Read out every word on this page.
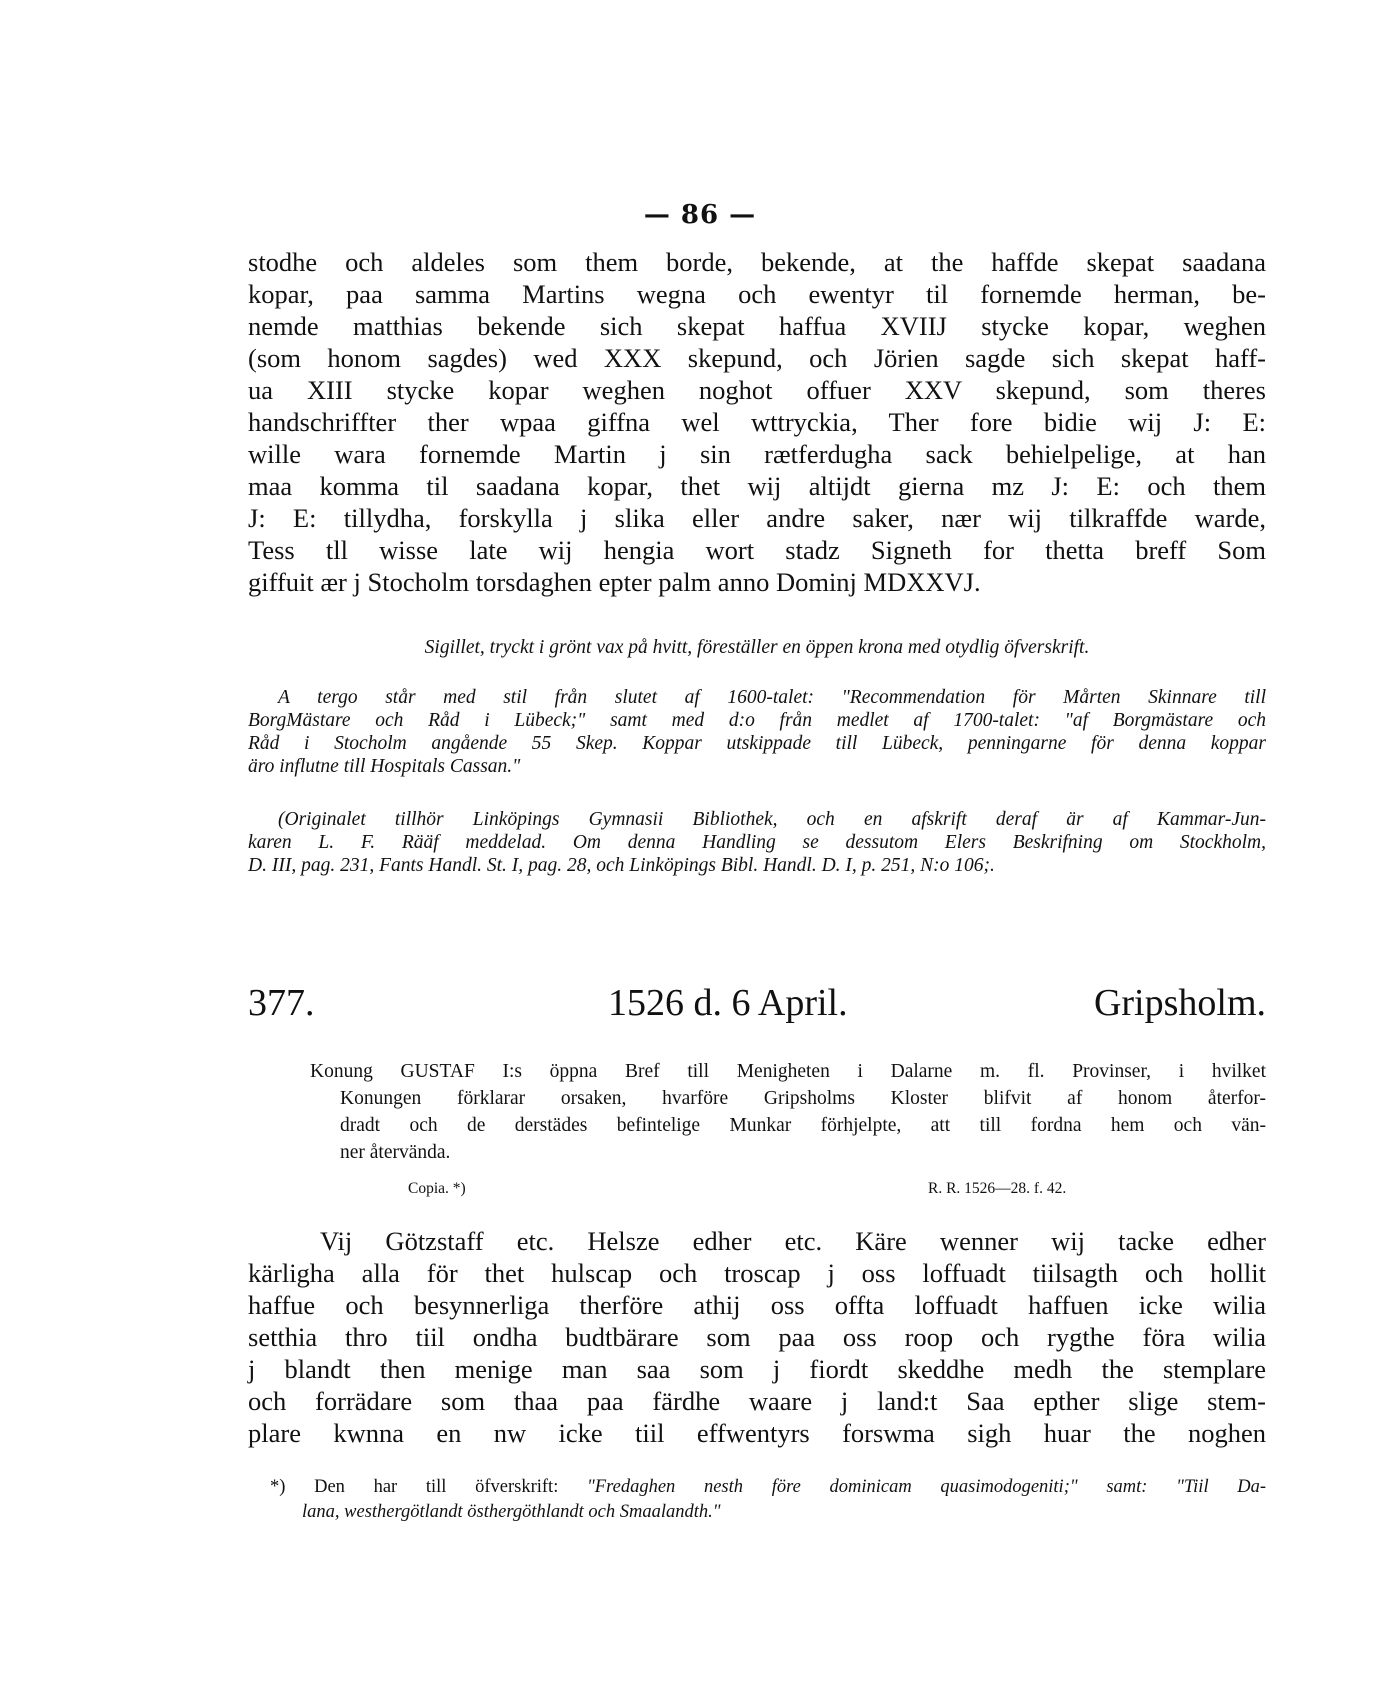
— 86 —
stodhe och aldeles som them borde, bekende, at the haffde skepat saadana
kopar, paa samma Martins wegna och ewentyr til fornemde herman, be-
nemde matthias bekende sich skepat haffua XVIIJ stycke kopar, weghen
(som honom sagdes) wed XXX skepund, och Jörien sagde sich skepat haff-
ua XIII stycke kopar weghen noghot offuer XXV skepund, som theres
handschriffter ther wpaa giffna wel wttryckia, Ther fore bidie wij J: E:
wille wara fornemde Martin j sin rætferdugha sack behielpelige, at han
maa komma til saadana kopar, thet wij altijdt gierna mz J: E: och them
J: E: tillydha, forskylla j slika eller andre saker, nær wij tilkraffde warde,
Tess tll wisse late wij hengia wort stadz Signeth for thetta breff Som
giffuit ær j Stocholm torsdaghen epter palm anno Dominj MDXXVJ.
Sigillet, tryckt i grönt vax på hvitt, föreställer en öppen krona med otydlig öfverskrift.
A tergo står med stil från slutet af 1600-talet: "Recommendation för Mårten Skinnare till
BorgMästare och Råd i Lübeck;" samt med d:o från medlet af 1700-talet: "af Borgmästare och
Råd i Stocholm angående 55 Skep. Koppar utskippade till Lübeck, penningarne för denna koppar
äro influtne till Hospitals Cassan."
(Originalet tillhör Linköpings Gymnasii Bibliothek, och en afskrift deraf är af Kammar-Jun-
karen L. F. Rääf meddelad. Om denna Handling se dessutom Elers Beskrifning om Stockholm,
D. III, pag. 231, Fants Handl. St. I, pag. 28, och Linköpings Bibl. Handl. D. I, p. 251, N:o 106;.
377.	1526 d. 6 April.	Gripsholm.
Konung GUSTAF I:s öppna Bref till Menigheten i Dalarne m. fl. Provinser, i hvilket
Konungen förklarar orsaken, hvarföre Gripsholms Kloster blifvit af honom återfor-
dradt och de derstädes befintelige Munkar förhjelpte, att till fordna hem och vän-
ner återvända.
Copia. *)	R. R. 1526—28. f. 42.
Vij Götzstaff etc. Helsze edher etc. Käre wenner wij tacke edher
kärligha alla för thet hulscap och troscap j oss loffuadt tiilsagth och hollit
haffue och besynnerliga therföre athij oss offta loffuadt haffuen icke wilia
setthia thro tiil ondha budtbärare som paa oss roop och rygthe föra wilia
j blandt then menige man saa som j fiordt skeddhe medh the stemplare
och forrädare som thaa paa färdhe waare j land:t Saa epther slige stem-
plare kwnna en nw icke tiil effwentyrs forswma sigh huar the noghen
*) Den har till öfverskrift: "Fredaghen nesth före dominicam quasimodogeniti;" samt: "Tiil Da-
lana, westhergötlandt östhergöthlandt och Smaalandth."
